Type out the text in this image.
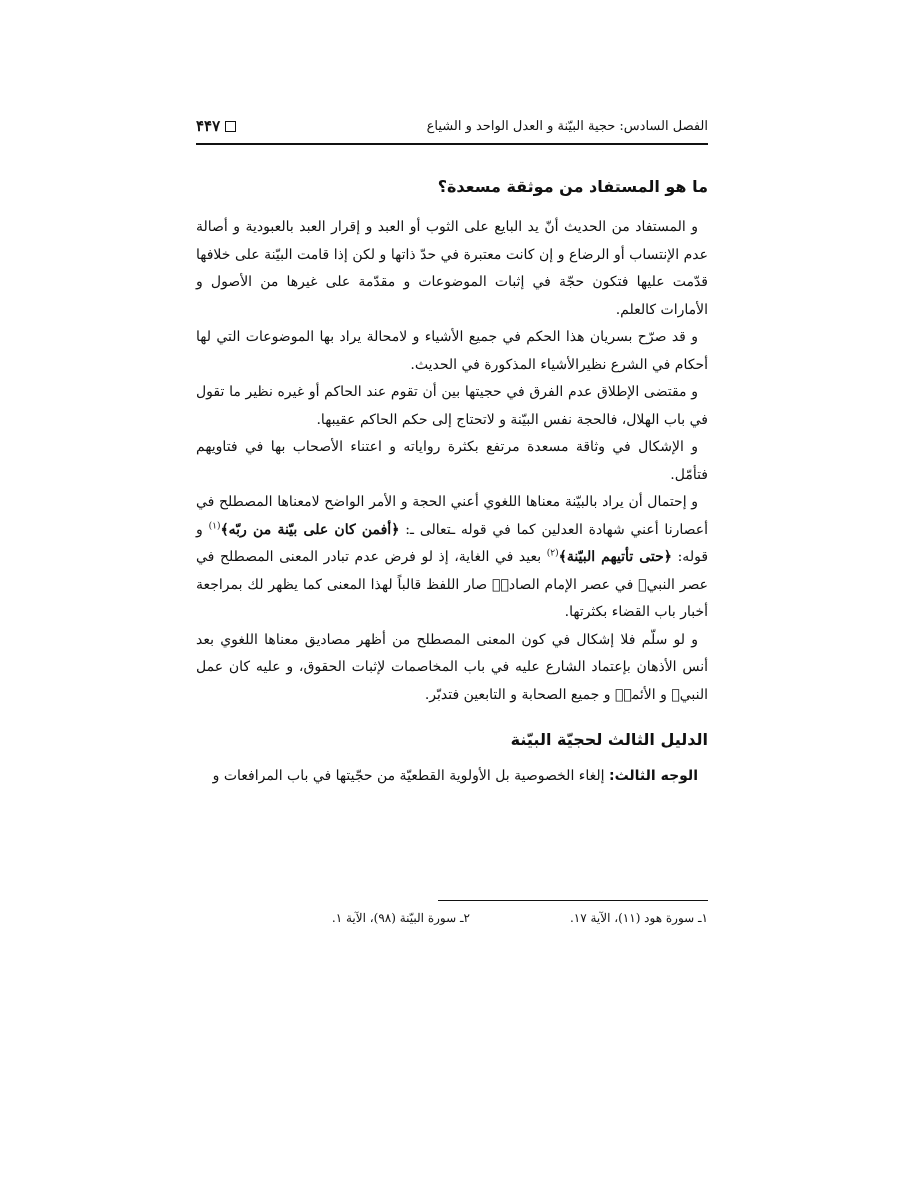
الفصل السادس: حجية البيّنة و العدل الواحد و الشياع
۴۴۷
ما هو المستفاد من موثقة مسعدة؟

و المستفاد من الحديث أنّ يد البايع على الثوب أو العبد و إقرار العبد بالعبودية و أصالة عدم الإنتساب أو الرضاع و إن كانت معتبرة في حدّ ذاتها و لكن إذا قامت البيّنة على خلافها قدّمت عليها فتكون حجّة في إثبات الموضوعات و مقدّمة على غيرها من الأصول و الأمارات كالعلم.

و قد صرّح بسريان هذا الحكم في جميع الأشياء و لامحالة يراد بها الموضوعات التي لها أحكام في الشرع نظيرالأشياء المذكورة في الحديث.

و مقتضى الإطلاق عدم الفرق في حجيتها بين أن تقوم عند الحاكم أو غيره نظير ما تقول في باب الهلال، فالحجة نفس البيّنة و لاتحتاج إلى حكم الحاكم عقيبها.

و الإشكال في وثاقة مسعدة مرتفع بكثرة رواياته و اعتناء الأصحاب بها في فتاويهم فتأمّل.

و إحتمال أن يراد بالبيّنة معناها اللغوي أعني الحجة و الأمر الواضح لامعناها المصطلح في أعصارنا أعني شهادة العدلين كما في قوله ـتعالى ـ: ﴿أفمن كان على بيّنة من ربّه﴾$^{(١)}$ و قوله: ﴿حتى تأتيهم البيّنة﴾$^{(٢)}$ بعيد في الغاية، إذ لو فرض عدم تبادر المعنى المصطلح في عصر النبيﷺ في عصر الإمام الصادقؑ صار اللفظ قالباً لهذا المعنى كما يظهر لك بمراجعة أخبار باب القضاء بكثرتها.

و لو سلّم فلا إشكال في كون المعنى المصطلح من أظهر مصاديق معناها اللغوي بعد أنس الأذهان بإعتماد الشارع عليه في باب المخاصمات لإثبات الحقوق، و عليه كان عمل النبيﷺ و الأئمةؑ و جميع الصحابة و التابعين فتدبّر.

الدليل الثالث لحجيّة البيّنة

الوجه الثالث: إلغاء الخصوصية بل الأولوية القطعيّة من حجّيتها في باب المرافعات و

١ـ سورة هود (١١)، الآية ١٧.
٢ـ سورة البيّنة (٩٨)، الآية ١.
